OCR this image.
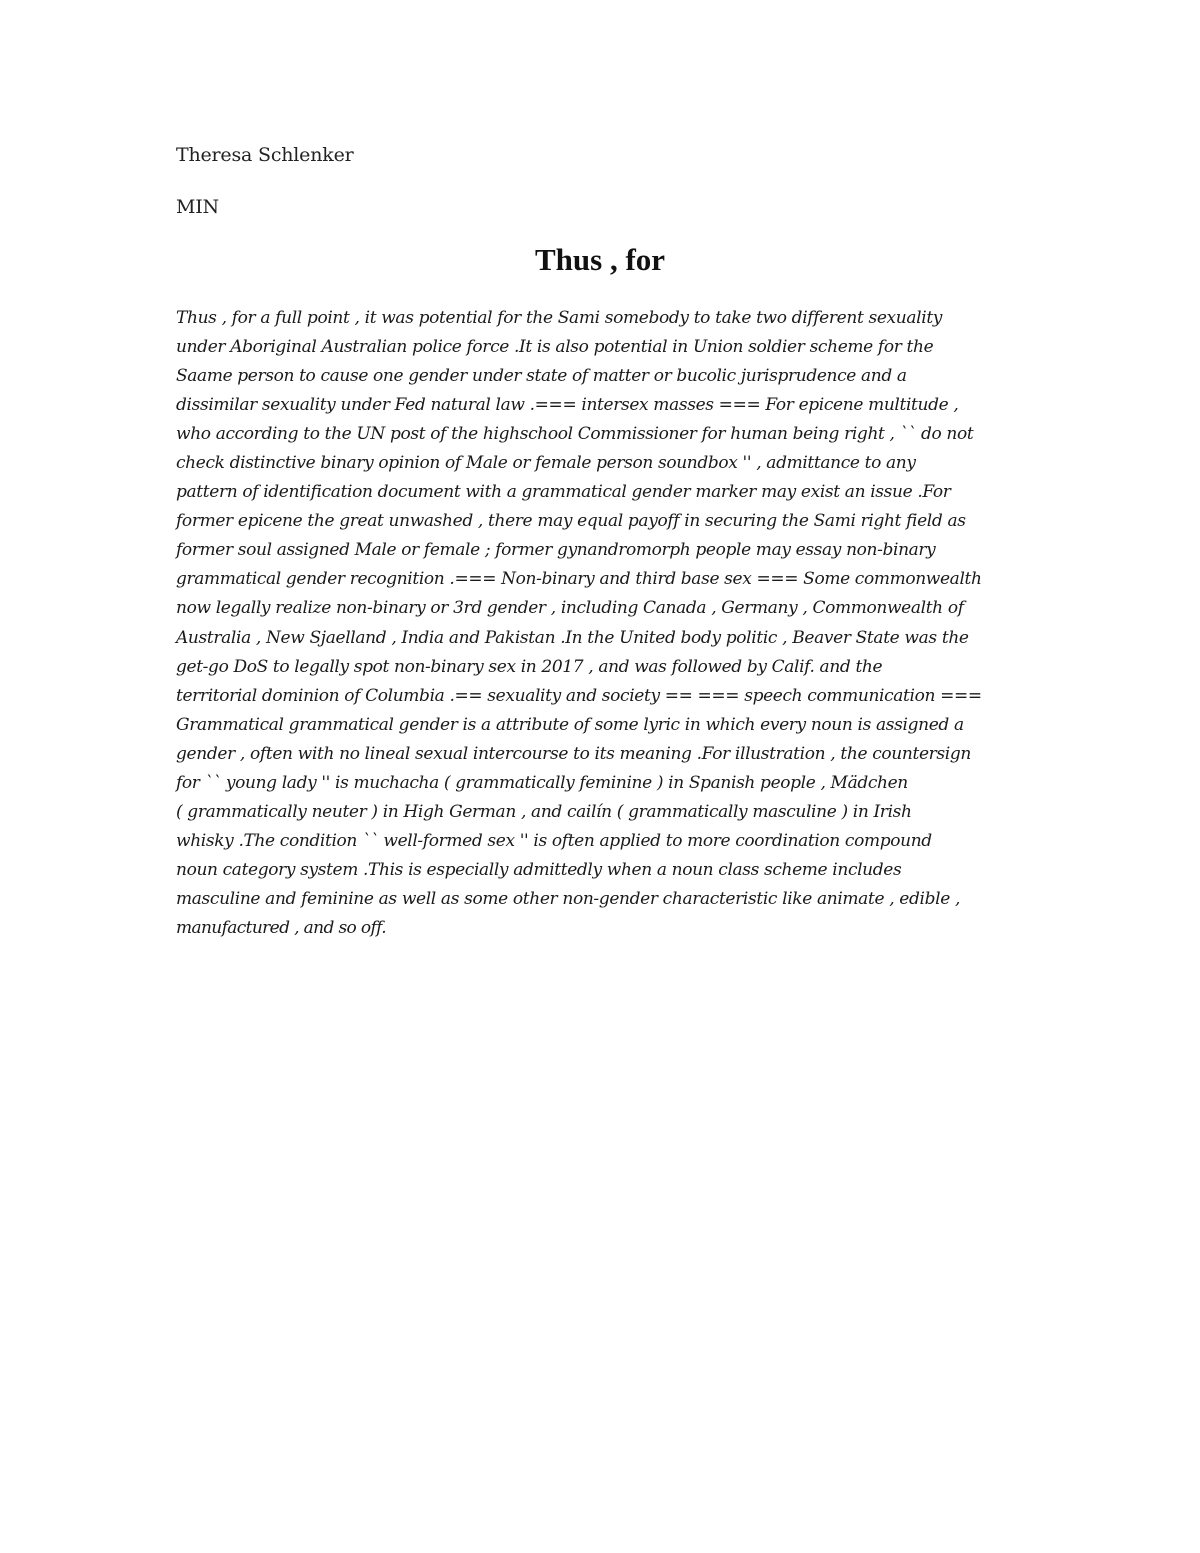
Theresa Schlenker
MIN
Thus , for
Thus , for a full point , it was potential for the Sami somebody to take two different sexuality
under Aboriginal Australian police force .It is also potential in Union soldier scheme for the
Saame person to cause one gender under state of matter or bucolic jurisprudence and a
dissimilar sexuality under Fed natural law .=== intersex masses === For epicene multitude ,
who according to the UN post of the highschool Commissioner for human being right , `` do not
check distinctive binary opinion of Male or female person soundbox '' , admittance to any
pattern of identification document with a grammatical gender marker may exist an issue .For
former epicene the great unwashed , there may equal payoff in securing the Sami right field as
former soul assigned Male or female ; former gynandromorph people may essay non-binary
grammatical gender recognition .=== Non-binary and third base sex === Some commonwealth
now legally realize non-binary or 3rd gender , including Canada , Germany , Commonwealth of
Australia , New Sjaelland , India and Pakistan .In the United body politic , Beaver State was the
get-go DoS to legally spot non-binary sex in 2017 , and was followed by Calif. and the
territorial dominion of Columbia .== sexuality and society == === speech communication ===
Grammatical grammatical gender is a attribute of some lyric in which every noun is assigned a
gender , often with no lineal sexual intercourse to its meaning .For illustration , the countersign
for `` young lady '' is muchacha ( grammatically feminine ) in Spanish people , Mädchen
( grammatically neuter ) in High German , and cailín ( grammatically masculine ) in Irish
whisky .The condition `` well-formed sex '' is often applied to more coordination compound
noun category system .This is especially admittedly when a noun class scheme includes
masculine and feminine as well as some other non-gender characteristic like animate , edible ,
manufactured , and so off.
